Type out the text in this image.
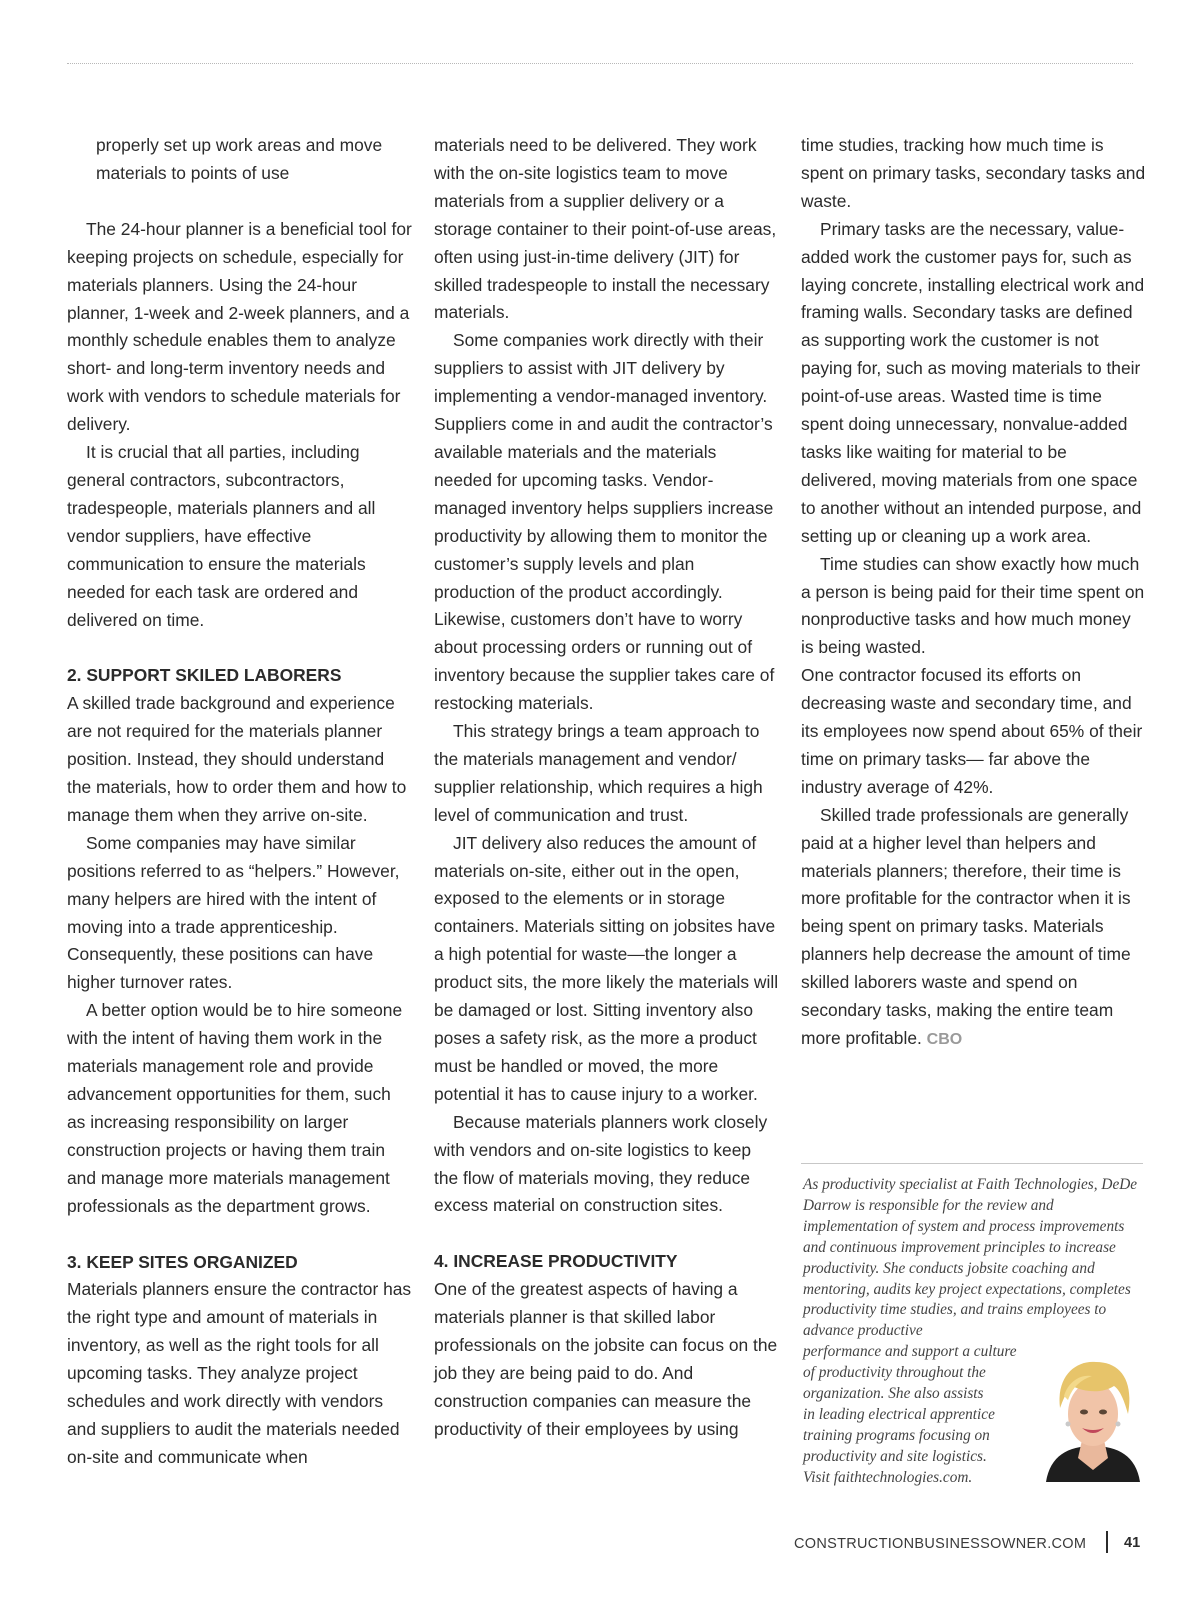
properly set up work areas and move materials to points of use

The 24-hour planner is a beneficial tool for keeping projects on schedule, especially for materials planners. Using the 24-hour planner, 1-week and 2-week planners, and a monthly schedule enables them to analyze short- and long-term inventory needs and work with vendors to schedule materials for delivery.

It is crucial that all parties, including general contractors, subcontractors, tradespeople, materials planners and all vendor suppliers, have effective communication to ensure the materials needed for each task are ordered and delivered on time.

2. SUPPORT SKILED LABORERS

A skilled trade background and experience are not required for the materials planner position. Instead, they should understand the materials, how to order them and how to manage them when they arrive on-site.

Some companies may have similar positions referred to as “helpers.” However, many helpers are hired with the intent of moving into a trade apprenticeship. Consequently, these positions can have higher turnover rates.

A better option would be to hire someone with the intent of having them work in the materials management role and provide advancement opportunities for them, such as increasing responsibility on larger construction projects or having them train and manage more materials management professionals as the department grows.

3. KEEP SITES ORGANIZED

Materials planners ensure the contractor has the right type and amount of materials in inventory, as well as the right tools for all upcoming tasks. They analyze project schedules and work directly with vendors and suppliers to audit the materials needed on-site and communicate when

materials need to be delivered. They work with the on-site logistics team to move materials from a supplier delivery or a storage container to their point-of-use areas, often using just-in-time delivery (JIT) for skilled tradespeople to install the necessary materials.

Some companies work directly with their suppliers to assist with JIT delivery by implementing a vendor-managed inventory. Suppliers come in and audit the contractor’s available materials and the materials needed for upcoming tasks. Vendor-managed inventory helps suppliers increase productivity by allowing them to monitor the customer’s supply levels and plan production of the product accordingly. Likewise, customers don’t have to worry about processing orders or running out of inventory because the supplier takes care of restocking materials.

This strategy brings a team approach to the materials management and vendor/ supplier relationship, which requires a high level of communication and trust.

JIT delivery also reduces the amount of materials on-site, either out in the open, exposed to the elements or in storage containers. Materials sitting on jobsites have a high potential for waste—the longer a product sits, the more likely the materials will be damaged or lost. Sitting inventory also poses a safety risk, as the more a product must be handled or moved, the more potential it has to cause injury to a worker.

Because materials planners work closely with vendors and on-site logistics to keep the flow of materials moving, they reduce excess material on construction sites.

4. INCREASE PRODUCTIVITY

One of the greatest aspects of having a materials planner is that skilled labor professionals on the jobsite can focus on the job they are being paid to do. And construction companies can measure the productivity of their employees by using

time studies, tracking how much time is spent on primary tasks, secondary tasks and waste.

Primary tasks are the necessary, value-added work the customer pays for, such as laying concrete, installing electrical work and framing walls. Secondary tasks are defined as supporting work the customer is not paying for, such as moving materials to their point-of-use areas. Wasted time is time spent doing unnecessary, nonvalue-added tasks like waiting for material to be delivered, moving materials from one space to another without an intended purpose, and setting up or cleaning up a work area.

Time studies can show exactly how much a person is being paid for their time spent on nonproductive tasks and how much money is being wasted.

One contractor focused its efforts on decreasing waste and secondary time, and its employees now spend about 65% of their time on primary tasks— far above the industry average of 42%.

Skilled trade professionals are generally paid at a higher level than helpers and materials planners; therefore, their time is more profitable for the contractor when it is being spent on primary tasks. Materials planners help decrease the amount of time skilled laborers waste and spend on secondary tasks, making the entire team more profitable. CBO

As productivity specialist at Faith Technologies, DeDe Darrow is responsible for the review and implementation of system and process improvements and continuous improvement principles to increase productivity. She conducts jobsite coaching and mentoring, audits key project expectations, completes productivity time studies, and trains employees to advance productive
performance and support a culture
of productivity throughout the
organization. She also assists
in leading electrical apprentice
training programs focusing on
productivity and site logistics.
Visit faithtechnologies.com.

CONSTRUCTIONBUSINESSOWNER.COM	41
